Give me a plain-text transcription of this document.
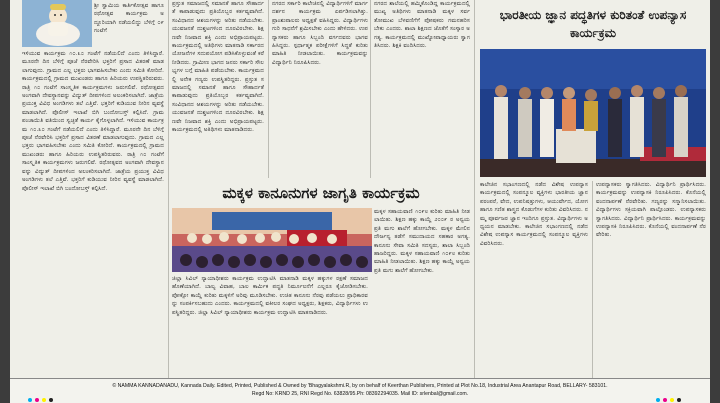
ಶ್ರೀ ಸ್ವಾಮಿಯ ಕಾರ್ತಿಕೋತ್ಸವ ಹಾಗೂ ರಥೋತ್ಸವ ಕಾರ್ಯಕ್ರಮ ಅದ್ದೂರಿಯಾಗಿ ನಡೆಯಲಿದ್ದು ಬೆಳಿಗ್ಗೆ ೦೯ ಗಂಟೆಗೆ
ಇಳಿಯುವ ಕಾರ್ಯಕ್ರಮ ೧೦.೩೦ ಗಂಟೆಗೆ ನಡೆಯಲಿದೆ ಎಂದು ತಿಳಿಸಿದ್ದಾರೆ. ಮೂರನೇ ದಿನ ಬೆಳಿಗ್ಗೆ ಪೂಜೆ ನೆರವೇರಿಸಿ ಭಕ್ತರಿಗೆ ಪ್ರಸಾದ ವಿತರಣೆ ಮಾಡಲಾಗುವುದು. ಗ್ರಾಮದ ಎಲ್ಲ ಭಕ್ತರು ಭಾಗವಹಿಸಬೇಕು ಎಂದು ಸಮಿತಿ ಕೋರಿದೆ. ಕಾರ್ಯಕ್ರಮದಲ್ಲಿ ಗ್ರಾಮದ ಮುಖಂಡರು ಹಾಗೂ ಹಿರಿಯರು ಉಪಸ್ಥಿತರಿರುವರು. ರಾತ್ರಿ ೧೦ ಗಂಟೆಗೆ ಸಾಂಸ್ಕೃತಿಕ ಕಾರ್ಯಕ್ರಮಗಳು ಜರುಗಲಿವೆ. ರಥೋತ್ಸವದ ಅಂಗವಾಗಿ ದೇವಸ್ಥಾನವನ್ನು ವಿದ್ಯುತ್ ದೀಪಗಳಿಂದ ಅಲಂಕರಿಸಲಾಗಿದೆ. ಜಾತ್ರೆಯ ಪ್ರಯುಕ್ತ ವಿವಿಧ ಅಂಗಡಿಗಳು ತಲೆ ಎತ್ತಿವೆ. ಭಕ್ತರಿಗೆ ಕುಡಿಯುವ ನೀರಿನ ವ್ಯವಸ್ಥೆ ಮಾಡಲಾಗಿದೆ. ಪೊಲೀಸ್ ಇಲಾಖೆ ಬಿಗಿ ಬಂದೋಬಸ್ತ್ ಕಲ್ಪಿಸಿದೆ. ಗ್ರಾಮ ಪಂಚಾಯಿತಿ ವತಿಯಿಂದ ಸ್ವಚ್ಛತೆ ಕಾರ್ಯ ಕೈಗೊಳ್ಳಲಾಗಿದೆ. ಇಳಿಯುವ ಕಾರ್ಯಕ್ರಮ ೧೦.೩೦ ಗಂಟೆಗೆ ನಡೆಯಲಿದೆ ಎಂದು ತಿಳಿಸಿದ್ದಾರೆ. ಮೂರನೇ ದಿನ ಬೆಳಿಗ್ಗೆ ಪೂಜೆ ನೆರವೇರಿಸಿ ಭಕ್ತರಿಗೆ ಪ್ರಸಾದ ವಿತರಣೆ ಮಾಡಲಾಗುವುದು. ಗ್ರಾಮದ ಎಲ್ಲ ಭಕ್ತರು ಭಾಗವಹಿಸಬೇಕು ಎಂದು ಸಮಿತಿ ಕೋರಿದೆ. ಕಾರ್ಯಕ್ರಮದಲ್ಲಿ ಗ್ರಾಮದ ಮುಖಂಡರು ಹಾಗೂ ಹಿರಿಯರು ಉಪಸ್ಥಿತರಿರುವರು. ರಾತ್ರಿ ೧೦ ಗಂಟೆಗೆ ಸಾಂಸ್ಕೃತಿಕ ಕಾರ್ಯಕ್ರಮಗಳು ಜರುಗಲಿವೆ. ರಥೋತ್ಸವದ ಅಂಗವಾಗಿ ದೇವಸ್ಥಾನವನ್ನು ವಿದ್ಯುತ್ ದೀಪಗಳಿಂದ ಅಲಂಕರಿಸಲಾಗಿದೆ. ಜಾತ್ರೆಯ ಪ್ರಯುಕ್ತ ವಿವಿಧ ಅಂಗಡಿಗಳು ತಲೆ ಎತ್ತಿವೆ. ಭಕ್ತರಿಗೆ ಕುಡಿಯುವ ನೀರಿನ ವ್ಯವಸ್ಥೆ ಮಾಡಲಾಗಿದೆ. ಪೊಲೀಸ್ ಇಲಾಖೆ ಬಿಗಿ ಬಂದೋಬಸ್ತ್ ಕಲ್ಪಿಸಿದೆ.
ಪ್ರಸ್ತುತ ಸಮಾಜದಲ್ಲಿ ಸಮಾನತೆ ಹಾಗೂ ಸೌಹಾರ್ದತೆ ಕಾಪಾಡುವುದು ಪ್ರತಿಯೊಬ್ಬರ ಕರ್ತವ್ಯವಾಗಿದೆ. ಸಂವಿಧಾನದ ಆಶಯಗಳನ್ನು ಅರಿತು ನಡೆಯಬೇಕು. ಯುವಜನತೆ ದುಶ್ಚಟಗಳಿಂದ ದೂರವಿರಬೇಕು. ಶಿಕ್ಷಣವೇ ನಿಜವಾದ ಶಕ್ತಿ ಎಂದು ಅಭಿಪ್ರಾಯಪಟ್ಟರು. ಕಾರ್ಯಕ್ರಮದಲ್ಲಿ ಅತಿಥಿಗಳು ಮಾತನಾಡಿ ಸರ್ಕಾರದ ಯೋಜನೆಗಳ ಸದುಪಯೋಗ ಪಡಿಸಿಕೊಳ್ಳುವಂತೆ ಕರೆ ನೀಡಿದರು. ಗ್ರಾಮೀಣ ಭಾಗದ ಜನರು ಸರ್ಕಾರಿ ಸೌಲಭ್ಯಗಳ ಬಗ್ಗೆ ಮಾಹಿತಿ ಪಡೆಯಬೇಕು. ಕಾರ್ಯಕ್ರಮದಲ್ಲಿ ಅನೇಕ ಗಣ್ಯರು ಉಪಸ್ಥಿತರಿದ್ದರು. ಪ್ರಸ್ತುತ ಸಮಾಜದಲ್ಲಿ ಸಮಾನತೆ ಹಾಗೂ ಸೌಹಾರ್ದತೆ ಕಾಪಾಡುವುದು ಪ್ರತಿಯೊಬ್ಬರ ಕರ್ತವ್ಯವಾಗಿದೆ. ಸಂವಿಧಾನದ ಆಶಯಗಳನ್ನು ಅರಿತು ನಡೆಯಬೇಕು. ಯುವಜನತೆ ದುಶ್ಚಟಗಳಿಂದ ದೂರವಿರಬೇಕು. ಶಿಕ್ಷಣವೇ ನಿಜವಾದ ಶಕ್ತಿ ಎಂದು ಅಭಿಪ್ರಾಯಪಟ್ಟರು. ಕಾರ್ಯಕ್ರಮದಲ್ಲಿ ಅತಿಥಿಗಳು ಮಾತನಾಡಿದರು.
ನಗರದ ಸರ್ಕಾರಿ ಕಾಲೇಜಿನಲ್ಲಿ ವಿದ್ಯಾರ್ಥಿಗಳಿಗೆ ಮಾರ್ಗದರ್ಶನ ಕಾರ್ಯಕ್ರಮ ಏರ್ಪಡಿಸಲಾಗಿತ್ತು. ಪ್ರಾಂಶುಪಾಲರು ಅಧ್ಯಕ್ಷತೆ ವಹಿಸಿದ್ದರು. ವಿದ್ಯಾರ್ಥಿಗಳು ಗುರಿ ಸಾಧನೆಗೆ ಶ್ರಮಿಸಬೇಕು ಎಂದು ಹೇಳಿದರು. ಉಪನ್ಯಾಸಕರು ಹಾಗೂ ಸಿಬ್ಬಂದಿ ವರ್ಗದವರು ಭಾಗವಹಿಸಿದ್ದರು. ಸ್ಪರ್ಧಾತ್ಮಕ ಪರೀಕ್ಷೆಗಳಿಗೆ ಸಿದ್ಧತೆ ಕುರಿತು ಮಾಹಿತಿ ನೀಡಲಾಯಿತು. ಕಾರ್ಯಕ್ರಮವನ್ನು ವಿದ್ಯಾರ್ಥಿನಿ ನಿರೂಪಿಸಿದರು.
ನಗರದ ಶಾಲೆಯಲ್ಲಿ ಹಮ್ಮಿಕೊಂಡಿದ್ದ ಕಾರ್ಯಕ್ರಮದಲ್ಲಿ ಮುಖ್ಯ ಅತಿಥಿಗಳು ಮಾತನಾಡಿ ಮಕ್ಕಳ ಸರ್ವತೋಮುಖ ಬೆಳವಣಿಗೆಗೆ ಪೋಷಕರು ಗಮನಹರಿಸಬೇಕು ಎಂದರು. ಶಾಲಾ ಶಿಕ್ಷಣದ ಜೊತೆಗೆ ಸಂಸ್ಕಾರ ಅಗತ್ಯ. ಕಾರ್ಯಕ್ರಮದಲ್ಲಿ ಮುಖ್ಯೋಪಾಧ್ಯಾಯರು ಸ್ವಾಗತಿಸಿದರು. ಶಿಕ್ಷಕಿ ವಂದಿಸಿದರು.
ಮಕ್ಕಳ ಕಾನೂನುಗಳ ಜಾಗೃತಿ ಕಾರ್ಯಕ್ರಮ
ಜಿಲ್ಲಾ ಸಿವಿಲ್ ನ್ಯಾಯಾಧೀಶರು ಕಾರ್ಯಕ್ರಮ ಉದ್ಘಾಟಿಸಿ ಮಾತನಾಡಿ ಮಕ್ಕಳ ಹಕ್ಕುಗಳ ರಕ್ಷಣೆ ಸಮಾಜದ ಹೊಣೆಯಾಗಿದೆ. ಬಾಲ್ಯ ವಿವಾಹ, ಬಾಲ ಕಾರ್ಮಿಕ ಪದ್ಧತಿ ನಿರ್ಮೂಲನೆಗೆ ಎಲ್ಲರೂ ಕೈಜೋಡಿಸಬೇಕು. ಪೋಕ್ಸೋ ಕಾಯ್ದೆ ಕುರಿತು ಮಕ್ಕಳಿಗೆ ಅರಿವು ಮೂಡಿಸಬೇಕು. ಉಚಿತ ಕಾನೂನು ನೆರವು ಪಡೆಯಲು ಪ್ರಾಧಿಕಾರವನ್ನು ಸಂಪರ್ಕಿಸಬಹುದು ಎಂದರು. ಕಾರ್ಯಕ್ರಮದಲ್ಲಿ ವಕೀಲರ ಸಂಘದ ಅಧ್ಯಕ್ಷರು, ಶಿಕ್ಷಕರು, ವಿದ್ಯಾರ್ಥಿಗಳು ಉಪಸ್ಥಿತರಿದ್ದರು. ಜಿಲ್ಲಾ ಸಿವಿಲ್ ನ್ಯಾಯಾಧೀಶರು ಕಾರ್ಯಕ್ರಮ ಉದ್ಘಾಟಿಸಿ ಮಾತನಾಡಿದರು.
ಮಕ್ಕಳ ಸಹಾಯವಾಣಿ ೧೦೯೮ ಕುರಿತು ಮಾಹಿತಿ ನೀಡಲಾಯಿತು. ಶಿಕ್ಷಣ ಹಕ್ಕು ಕಾಯ್ದೆ ೨೦೦೯ ರ ಅನ್ವಯ ಪ್ರತಿ ಮಗು ಶಾಲೆಗೆ ಹೋಗಬೇಕು. ಮಕ್ಕಳ ಮೇಲಿನ ದೌರ್ಜನ್ಯ ತಡೆಗೆ ಸಮುದಾಯದ ಸಹಕಾರ ಅಗತ್ಯ. ಕಾನೂನು ಸೇವಾ ಸಮಿತಿ ಸದಸ್ಯರು, ಶಾಲಾ ಸಿಬ್ಬಂದಿ ಹಾಜರಿದ್ದರು. ಮಕ್ಕಳ ಸಹಾಯವಾಣಿ ೧೦೯೮ ಕುರಿತು ಮಾಹಿತಿ ನೀಡಲಾಯಿತು. ಶಿಕ್ಷಣ ಹಕ್ಕು ಕಾಯ್ದೆ ಅನ್ವಯ ಪ್ರತಿ ಮಗು ಶಾಲೆಗೆ ಹೋಗಬೇಕು.
ಭಾರತೀಯ ಜ್ಞಾನ ಪದ್ಧತಿಗಳ ಕುರಿತಂತೆ ಉಪನ್ಯಾಸ ಕಾರ್ಯಕ್ರಮ
ಕಾಲೇಜಿನ ಸಭಾಂಗಣದಲ್ಲಿ ನಡೆದ ವಿಶೇಷ ಉಪನ್ಯಾಸ ಕಾರ್ಯಕ್ರಮದಲ್ಲಿ ಸಂಪನ್ಮೂಲ ವ್ಯಕ್ತಿಗಳು ಭಾರತೀಯ ಜ್ಞಾನ ಪರಂಪರೆ, ವೇದ, ಉಪನಿಷತ್ತುಗಳು, ಆಯುರ್ವೇದ, ಯೋಗ ಹಾಗೂ ಗಣಿತ ಶಾಸ್ತ್ರದ ಕೊಡುಗೆಗಳ ಕುರಿತು ವಿವರಿಸಿದರು. ನಮ್ಮ ಪೂರ್ವಜರ ಜ್ಞಾನ ಇಂದಿಗೂ ಪ್ರಸ್ತುತ. ವಿದ್ಯಾರ್ಥಿಗಳು ಅಧ್ಯಯನ ಮಾಡಬೇಕು. ಕಾಲೇಜಿನ ಸಭಾಂಗಣದಲ್ಲಿ ನಡೆದ ವಿಶೇಷ ಉಪನ್ಯಾಸ ಕಾರ್ಯಕ್ರಮದಲ್ಲಿ ಸಂಪನ್ಮೂಲ ವ್ಯಕ್ತಿಗಳು ವಿವರಿಸಿದರು.
ಉಪನ್ಯಾಸಕರು ಸ್ವಾಗತಿಸಿದರು. ವಿದ್ಯಾರ್ಥಿನಿ ಪ್ರಾರ್ಥಿಸಿದರು. ಕಾರ್ಯಕ್ರಮವನ್ನು ಉಪನ್ಯಾಸಕಿ ನಿರೂಪಿಸಿದರು. ಕೊನೆಯಲ್ಲಿ ವಂದನಾರ್ಪಣೆ ನೆರವೇರಿತು. ಗಣ್ಯರನ್ನು ಸನ್ಮಾನಿಸಲಾಯಿತು. ವಿದ್ಯಾರ್ಥಿಗಳು ಸಕ್ರಿಯವಾಗಿ ಪಾಲ್ಗೊಂಡರು. ಉಪನ್ಯಾಸಕರು ಸ್ವಾಗತಿಸಿದರು. ವಿದ್ಯಾರ್ಥಿನಿ ಪ್ರಾರ್ಥಿಸಿದರು. ಕಾರ್ಯಕ್ರಮವನ್ನು ಉಪನ್ಯಾಸಕಿ ನಿರೂಪಿಸಿದರು. ಕೊನೆಯಲ್ಲಿ ವಂದನಾರ್ಪಣೆ ನೆರವೇರಿತು.
© NAMMA KANNADANADU, Kannada Daily. Edited, Printed, Published & Owned by 'Bhagyalakshmi.R, by on behalf of Keerthan Publishers, Printed at Plot No.18, Industrial Area Anantapur Road, BELLARY- 583101.
Regd No: KRND 25, RNI Regd No. 63828/95.Ph: 08392294035. Mail ID: srlenbal@gmail.com.
